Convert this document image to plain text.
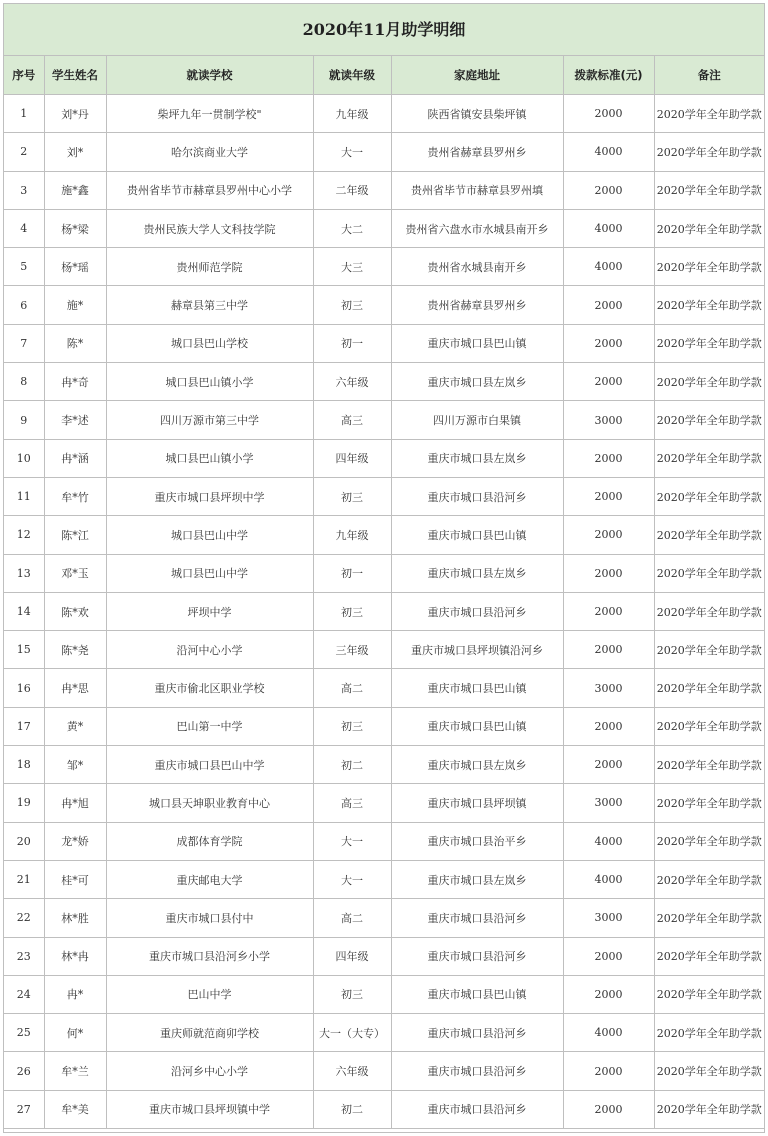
2020年11月助学明细
序号	学生姓名	就读学校	就读年级	家庭地址	拨款标准(元)	备注
1	刘*丹	柴坪九年一贯制学校"	九年级	陕西省镇安县柴坪镇	2000	2020学年全年助学款
2	刘*	哈尔滨商业大学	大一	贵州省赫章县罗州乡	4000	2020学年全年助学款
3	施*鑫	贵州省毕节市赫章县罗州中心小学	二年级	贵州省毕节市赫章县罗州填	2000	2020学年全年助学款
4	杨*梁	贵州民族大学人文科技学院	大二	贵州省六盘水市水城县南开乡	4000	2020学年全年助学款
5	杨*瑶	贵州师范学院	大三	贵州省水城县南开乡	4000	2020学年全年助学款
6	施*	赫章县第三中学	初三	贵州省赫章县罗州乡	2000	2020学年全年助学款
7	陈*	城口县巴山学校	初一	重庆市城口县巴山镇	2000	2020学年全年助学款
8	冉*奇	城口县巴山镇小学	六年级	重庆市城口县左岚乡	2000	2020学年全年助学款
9	李*述	四川万源市第三中学	高三	四川万源市白果镇	3000	2020学年全年助学款
10	冉*涵	城口县巴山镇小学	四年级	重庆市城口县左岚乡	2000	2020学年全年助学款
11	牟*竹	重庆市城口县坪坝中学	初三	重庆市城口县沿河乡	2000	2020学年全年助学款
12	陈*江	城口县巴山中学	九年级	重庆市城口县巴山镇	2000	2020学年全年助学款
13	邓*玉	城口县巴山中学	初一	重庆市城口县左岚乡	2000	2020学年全年助学款
14	陈*欢	坪坝中学	初三	重庆市城口县沿河乡	2000	2020学年全年助学款
15	陈*尧	沿河中心小学	三年级	重庆市城口县坪坝镇沿河乡	2000	2020学年全年助学款
16	冉*思	重庆市偷北区职业学校	高二	重庆市城口县巴山镇	3000	2020学年全年助学款
17	黄*	巴山第一中学	初三	重庆市城口县巴山镇	2000	2020学年全年助学款
18	邹*	重庆市城口县巴山中学	初二	重庆市城口县左岚乡	2000	2020学年全年助学款
19	冉*旭	城口县天坤职业教育中心	高三	重庆市城口县坪坝镇	3000	2020学年全年助学款
20	龙*娇	成都体育学院	大一	重庆市城口县治平乡	4000	2020学年全年助学款
21	桂*可	重庆邮电大学	大一	重庆市城口县左岚乡	4000	2020学年全年助学款
22	林*胜	重庆市城口县付中	高二	重庆市城口县沿河乡	3000	2020学年全年助学款
23	林*冉	重庆市城口县沿河乡小学	四年级	重庆市城口县沿河乡	2000	2020学年全年助学款
24	冉*	巴山中学	初三	重庆市城口县巴山镇	2000	2020学年全年助学款
25	何*	重庆师就范商卯学校	大一（大专）	重庆市城口县沿河乡	4000	2020学年全年助学款
26	牟*兰	沿河乡中心小学	六年级	重庆市城口县沿河乡	2000	2020学年全年助学款
27	牟*美	重庆市城口县坪坝镇中学	初二	重庆市城口县沿河乡	2000	2020学年全年助学款
